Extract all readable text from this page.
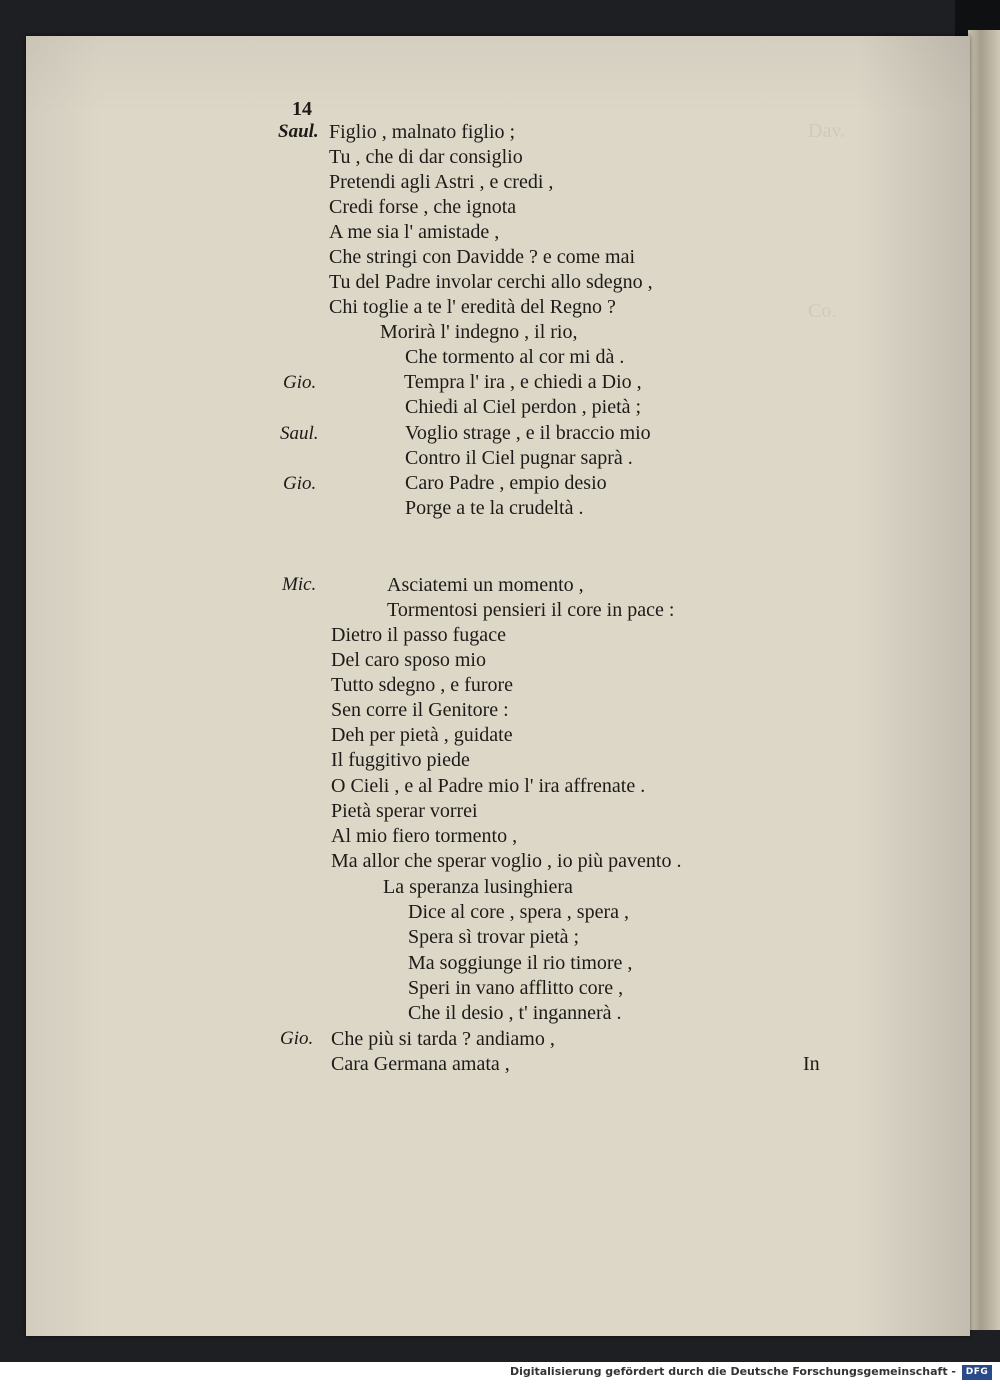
Dav.
Co.
14
Saul.
Gio.
Saul.
Gio.
Mic.
Gio.
Figlio , malnato figlio ;
Tu , che di dar consiglio
Pretendi agli Astri , e credi ,
Credi forse , che ignota
A me sia l' amistade ,
Che stringi con Davidde ? e come mai
Tu del Padre involar cerchi allo sdegno ,
Chi toglie a te l' eredità del Regno ?
Morirà l' indegno , il rio,
Che tormento al cor mi dà .
Tempra l' ira , e chiedi a Dio ,
Chiedi al Ciel perdon , pietà ;
Voglio strage , e il braccio mio
Contro il Ciel pugnar saprà .
Caro Padre , empio desio
Porge a te la crudeltà .
Asciatemi un momento ,
Tormentosi pensieri il core in pace :
Dietro il passo fugace
Del caro sposo mio
Tutto sdegno , e furore
Sen corre il Genitore :
Deh per pietà , guidate
Il fuggitivo piede
O Cieli , e al Padre mio l' ira affrenate .
Pietà sperar vorrei
Al mio fiero tormento ,
Ma allor che sperar voglio , io più pavento .
La speranza lusinghiera
Dice al core , spera , spera ,
Spera sì trovar pietà ;
Ma soggiunge il rio timore ,
Speri in vano afflitto core ,
Che il desio , t' ingannerà .
Che più si tarda ? andiamo ,
Cara Germana amata ,	In
Digitalisierung gefördert durch die Deutsche Forschungsgemeinschaft -	DFG
